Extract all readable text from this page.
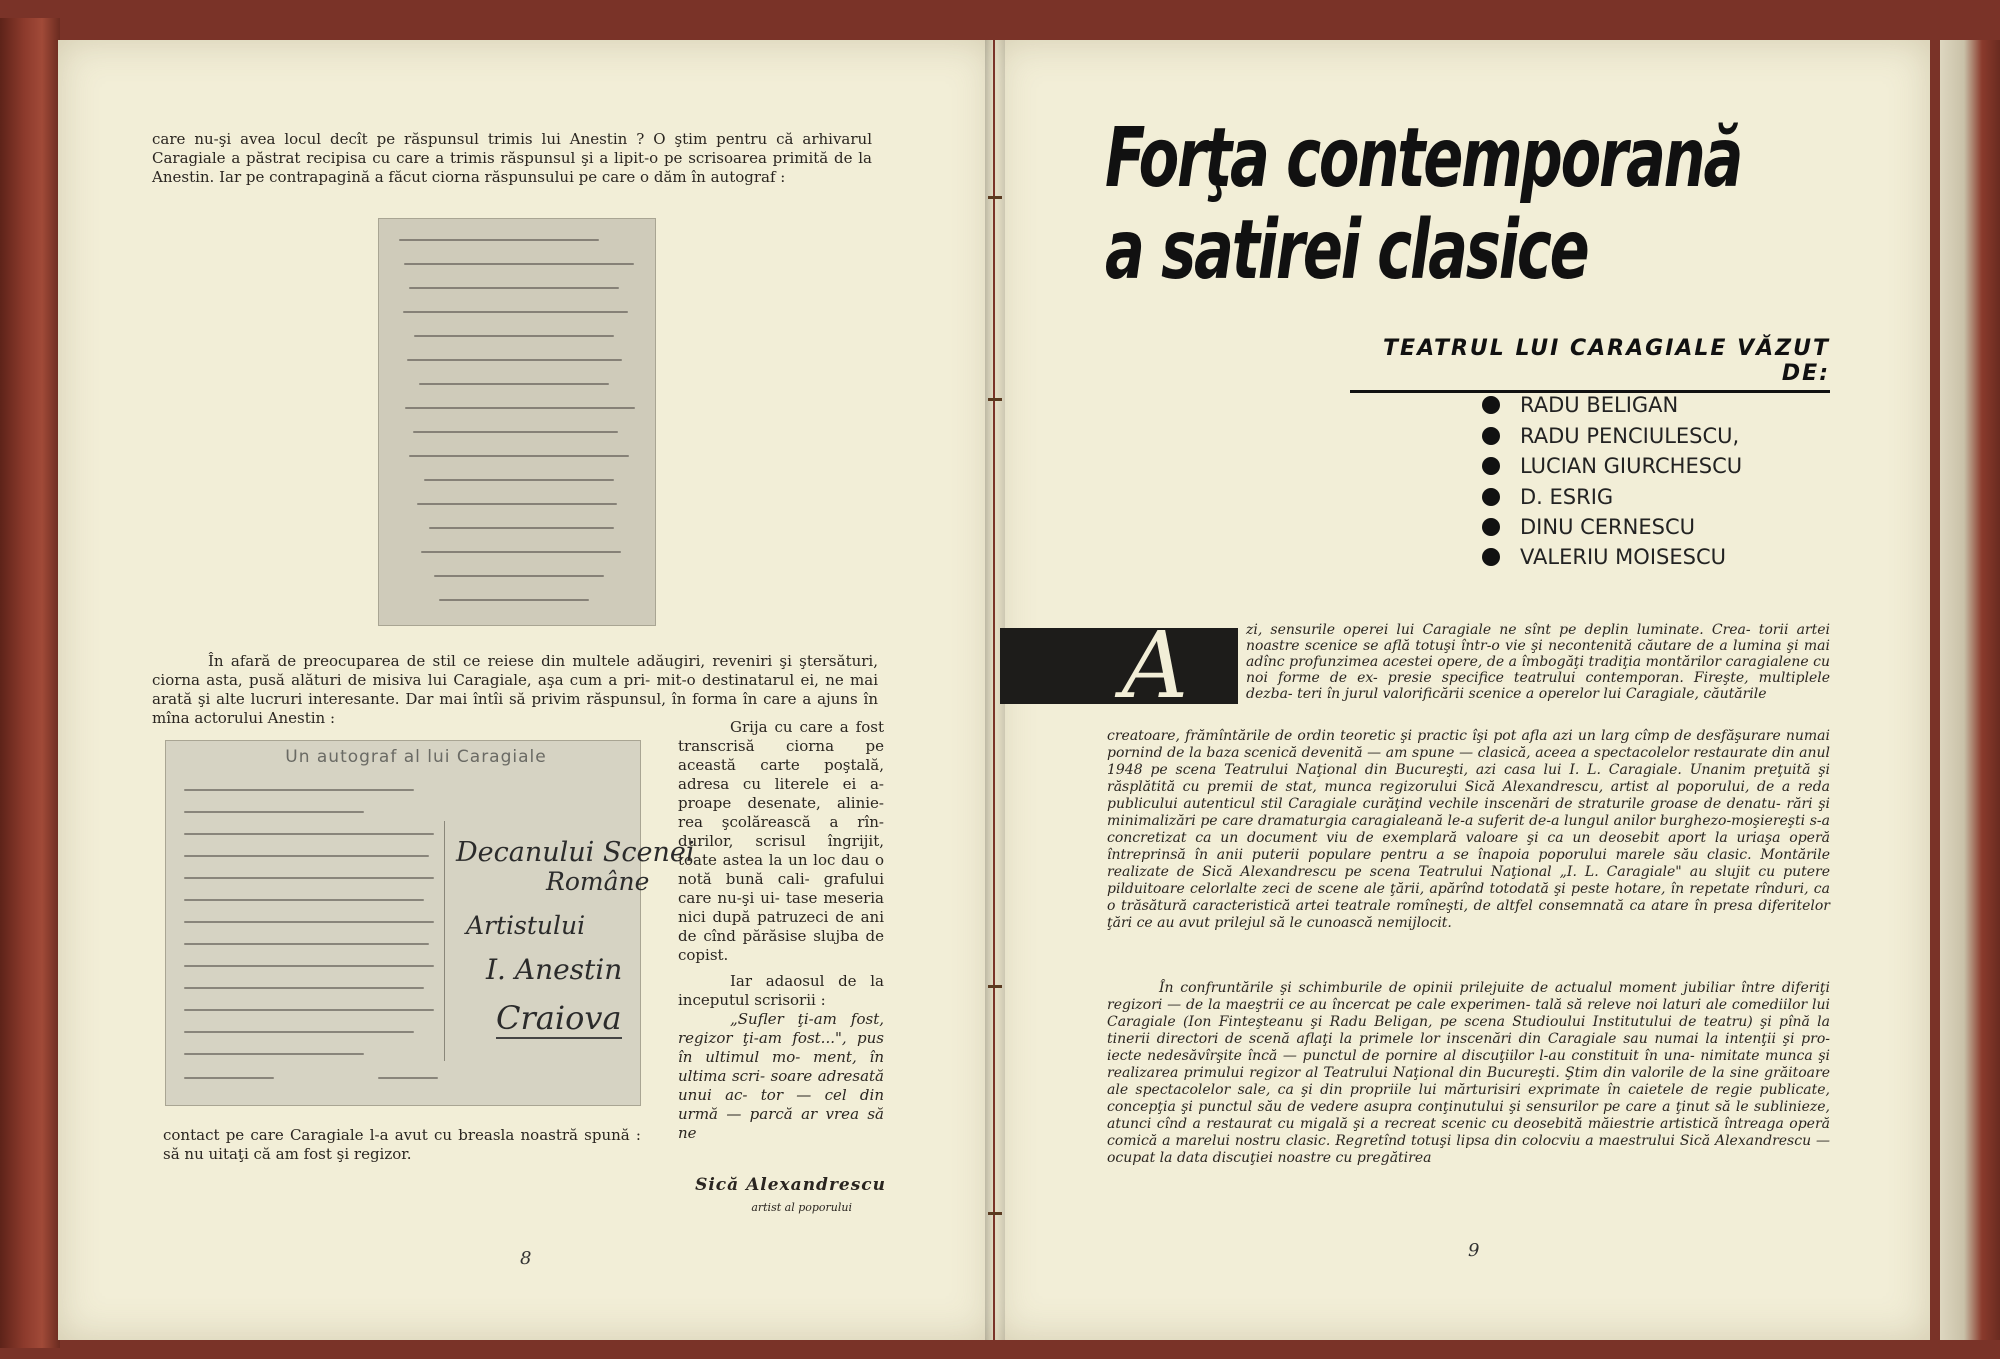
care nu-şi avea locul decît pe răspunsul trimis lui Anestin ? O ştim pentru că arhivarul Caragiale a păstrat recipisa cu care a trimis răspunsul şi a lipit-o pe scrisoarea primită de la Anestin. Iar pe contrapagină a făcut ciorna răspunsului pe care o dăm în autograf :
În afară de preocuparea de stil ce reiese din multele adăugiri, reveniri şi ştersături, ciorna asta, pusă alături de misiva lui Caragiale, aşa cum a pri- mit-o destinatarul ei, ne mai arată şi alte lucruri interesante. Dar mai întîi să privim răspunsul, în forma în care a ajuns în mîna actorului Anestin :
Un autograf al lui Caragiale
Decanului Scenei
Române
Artistului
I. Anestin
Craiova
Grija cu care a fost transcrisă ciorna pe această carte poştală, adresa cu literele ei a- proape desenate, alinie- rea şcolărească a rîn- durilor, scrisul îngrijit, toate astea la un loc dau o notă bună cali- grafului care nu-şi ui- tase meseria nici după patruzeci de ani de cînd părăsise slujba de copist.
Iar adaosul de la inceputul scrisorii :
„Sufler ţi-am fost, regizor ţi-am fost...", pus în ultimul mo- ment, în ultima scri- soare adresată unui ac- tor — cel din urmă — parcă ar vrea să ne
contact pe care Caragiale l-a avut cu breasla noastră spună : să nu uitaţi că am fost şi regizor.
Sică Alexandrescu
artist al poporului
8
Forţa contemporană
a satirei clasice
TEATRUL LUI CARAGIALE VĂZUT DE:
RADU BELIGAN
RADU PENCIULESCU,
LUCIAN GIURCHESCU
D. ESRIG
DINU CERNESCU
VALERIU MOISESCU
A	zi, sensurile operei lui Caragiale ne sînt pe deplin luminate. Crea- torii artei noastre scenice se află totuşi într-o vie şi necontenită căutare de a lumina şi mai adînc profunzimea acestei opere, de a îmbogăţi tradiţia montărilor caragialene cu noi forme de ex- presie specifice teatrului contemporan. Fireşte, multiplele dezba- teri în jurul valorificării scenice a operelor lui Caragiale, căutările
creatoare, frămîntările de ordin teoretic şi practic îşi pot afla azi un larg cîmp de desfăşurare numai pornind de la baza scenică devenită — am spune — clasică, aceea a spectacolelor restaurate din anul 1948 pe scena Teatrului Naţional din Bucureşti, azi casa lui I. L. Caragiale. Unanim preţuită şi răsplătită cu premii de stat, munca regizorului Sică Alexandrescu, artist al poporului, de a reda publicului autenticul stil Caragiale curăţind vechile inscenări de straturile groase de denatu- rări şi minimalizări pe care dramaturgia caragialeană le-a suferit de-a lungul anilor burghezo-moşiereşti s-a concretizat ca un document viu de exemplară valoare şi ca un deosebit aport la uriaşa operă întreprinsă în anii puterii populare pentru a se înapoia poporului marele său clasic. Montările realizate de Sică Alexandrescu pe scena Teatrului Naţional „I. L. Caragiale" au slujit cu putere pilduitoare celorlalte zeci de scene ale ţării, apărînd totodată şi peste hotare, în repetate rînduri, ca o trăsătură caracteristică artei teatrale romîneşti, de altfel consemnată ca atare în presa diferitelor ţări ce au avut prilejul să le cunoască nemijlocit.
În confruntările şi schimburile de opinii prilejuite de actualul moment jubiliar între diferiţi regizori — de la maeştrii ce au încercat pe cale experimen- tală să releve noi laturi ale comediilor lui Caragiale (Ion Finteşteanu şi Radu Beligan, pe scena Studioului Institutului de teatru) şi pînă la tinerii directori de scenă aflaţi la primele lor inscenări din Caragiale sau numai la intenţii şi pro- iecte nedesăvîrşite încă — punctul de pornire al discuţiilor l-au constituit în una- nimitate munca şi realizarea primului regizor al Teatrului Naţional din Bucureşti. Ştim din valorile de la sine grăitoare ale spectacolelor sale, ca şi din propriile lui mărturisiri exprimate în caietele de regie publicate, concepţia şi punctul său de vedere asupra conţinutului şi sensurilor pe care a ţinut să le sublinieze, atunci cînd a restaurat cu migală şi a recreat scenic cu deosebită măiestrie artistică întreaga operă comică a marelui nostru clasic. Regretînd totuşi lipsa din colocviu a maestrului Sică Alexandrescu — ocupat la data discuţiei noastre cu pregătirea
9
